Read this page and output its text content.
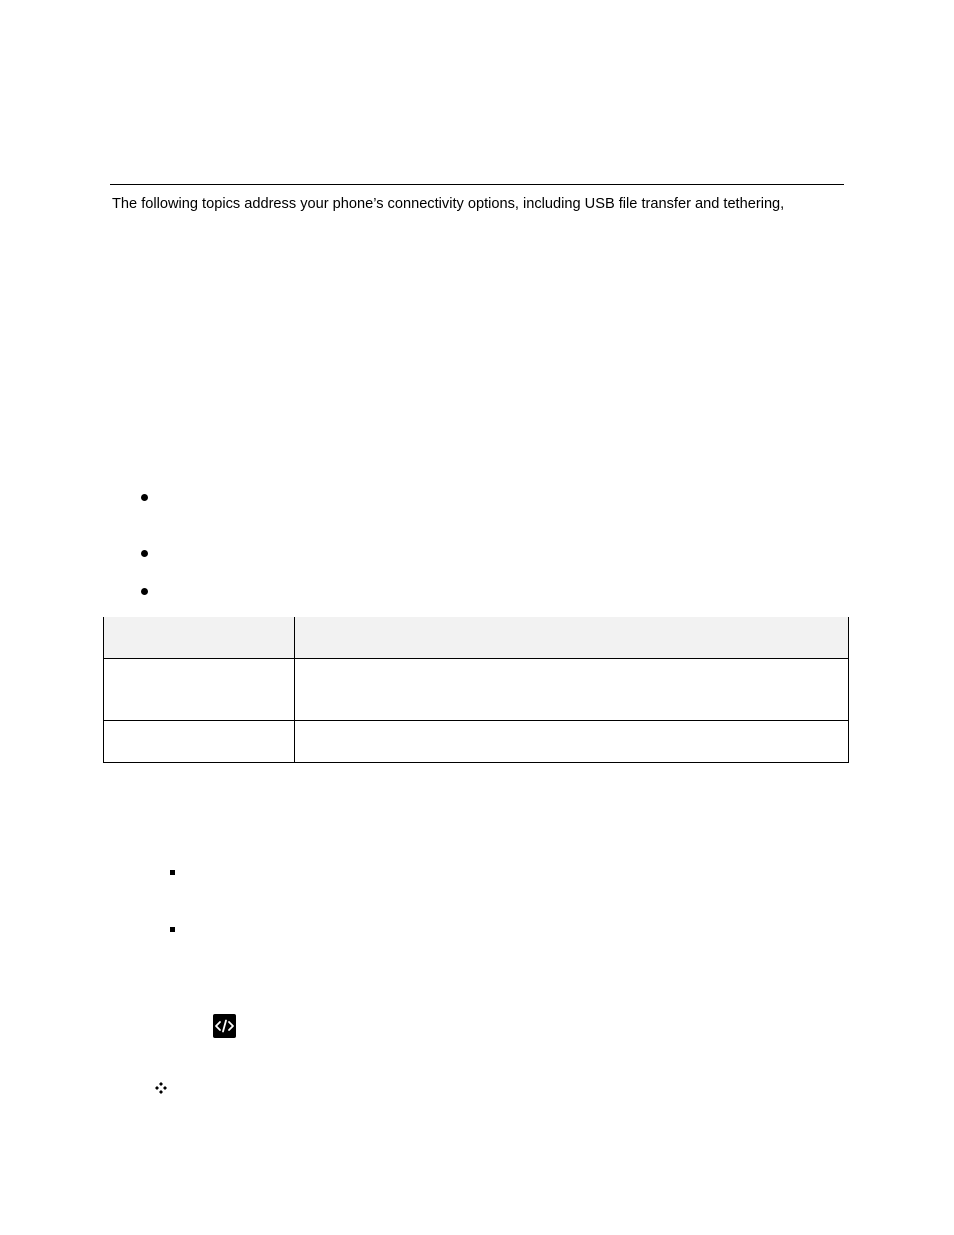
The following topics address your phone’s connectivity options, including USB file transfer and tethering,
